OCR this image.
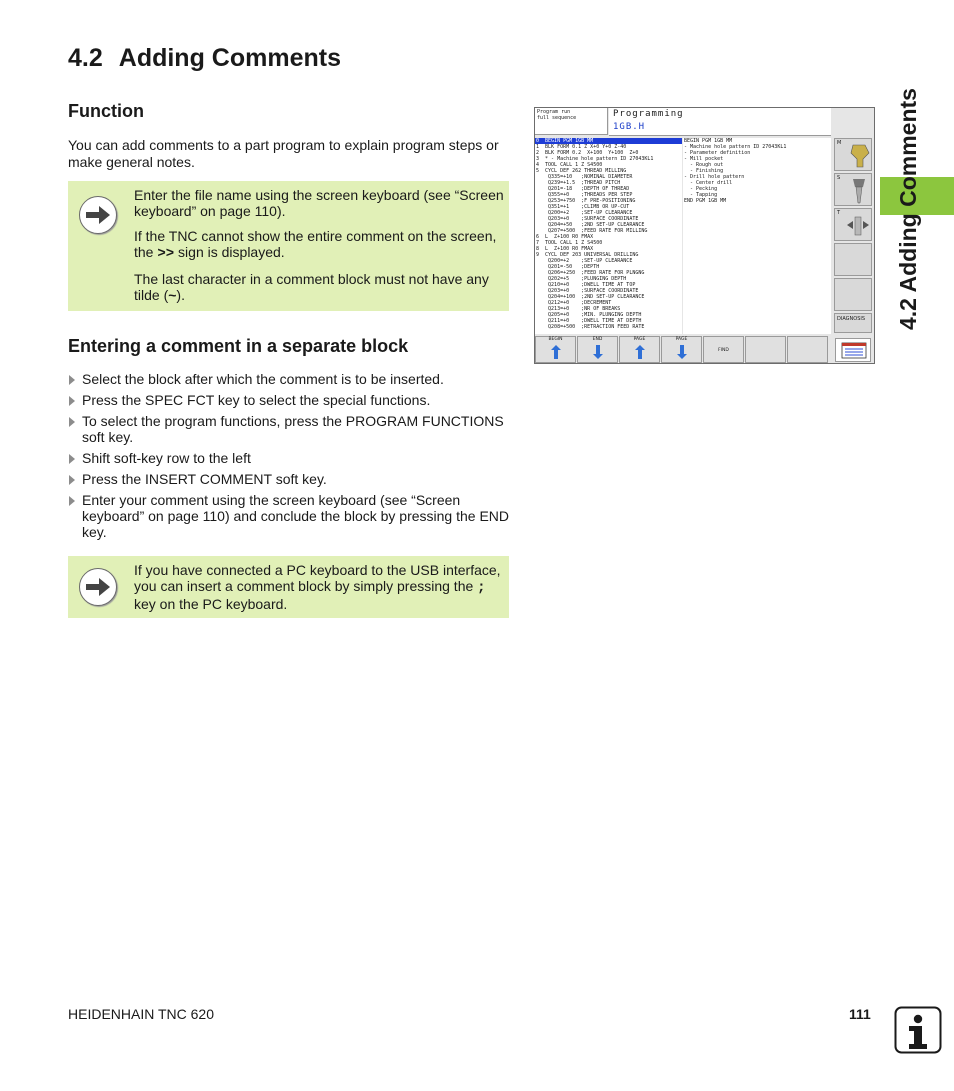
4.2 Adding Comments
Function

You can add comments to a part program to explain program steps or make general notes.

Enter the file name using the screen keyboard (see “Screen keyboard” on page 110).

If the TNC cannot show the entire comment on the screen, the >> sign is displayed.

The last character in a comment block must not have any tilde (~).

Entering a comment in a separate block
Select the block after which the comment is to be inserted.
Press the SPEC FCT key to select the special functions.
To select the program functions, press the PROGRAM FUNCTIONS soft key.
Shift soft-key row to the left
Press the INSERT COMMENT soft key.
Enter your comment using the screen keyboard (see “Screen keyboard” on page 110) and conclude the block by pressing the END key.

If you have connected a PC keyboard to the USB interface, you can insert a comment block by simply pressing the ; key on the PC keyboard.

Program run
full sequence	Programming
1GB.H
0  BEGIN PGM 1GB MM
1  BLK FORM 0.1 Z X+0 Y+0 Z-40
2  BLK FORM 0.2  X+100  Y+100  Z+0
3  * - Machine hole pattern ID 27043KL1
4  TOOL CALL 1 Z S4500
5  CYCL DEF 262 THREAD MILLING
Q335=+10   ;NOMINAL DIAMETER
Q239=+1.5  ;THREAD PITCH
Q201=-18   ;DEPTH OF THREAD
Q355=+0    ;THREADS PER STEP
Q253=+750  ;F PRE-POSITIONING
Q351=+1    ;CLIMB OR UP-CUT
Q200=+2    ;SET-UP CLEARANCE
Q203=+0    ;SURFACE COORDINATE
Q204=+50   ;2ND SET-UP CLEARANCE
Q207=+500  ;FEED RATE FOR MILLING
6  L  Z+100 R0 FMAX
7  TOOL CALL 1 Z S4500
8  L  Z+100 R0 FMAX
9  CYCL DEF 203 UNIVERSAL DRILLING
Q200=+2    ;SET-UP CLEARANCE
Q201=-50   ;DEPTH
Q206=+250  ;FEED RATE FOR PLNGNG
Q202=+5    ;PLUNGING DEPTH
Q210=+0    ;DWELL TIME AT TOP
Q203=+0    ;SURFACE COORDINATE
Q204=+100  ;2ND SET-UP CLEARANCE
Q212=+0    ;DECREMENT
Q213=+0    ;NR OF BREAKS
Q205=+0    ;MIN. PLUNGING DEPTH
Q211=+0    ;DWELL TIME AT DEPTH
Q208=+500  ;RETRACTION FEED RATE
BEGIN PGM 1GB MM
- Machine hole pattern ID 27043KL1
- Parameter definition
- Mill pocket
- Rough out
- Finishing
- Drill hole pattern
- Center drill
- Pecking
- Tapping
END PGM 1GB MM
M
S
T
DIAGNOSIS
BEGIN	END	PAGE	PAGE
FIND
4.2 Adding Comments
HEIDENHAIN TNC 620	111
